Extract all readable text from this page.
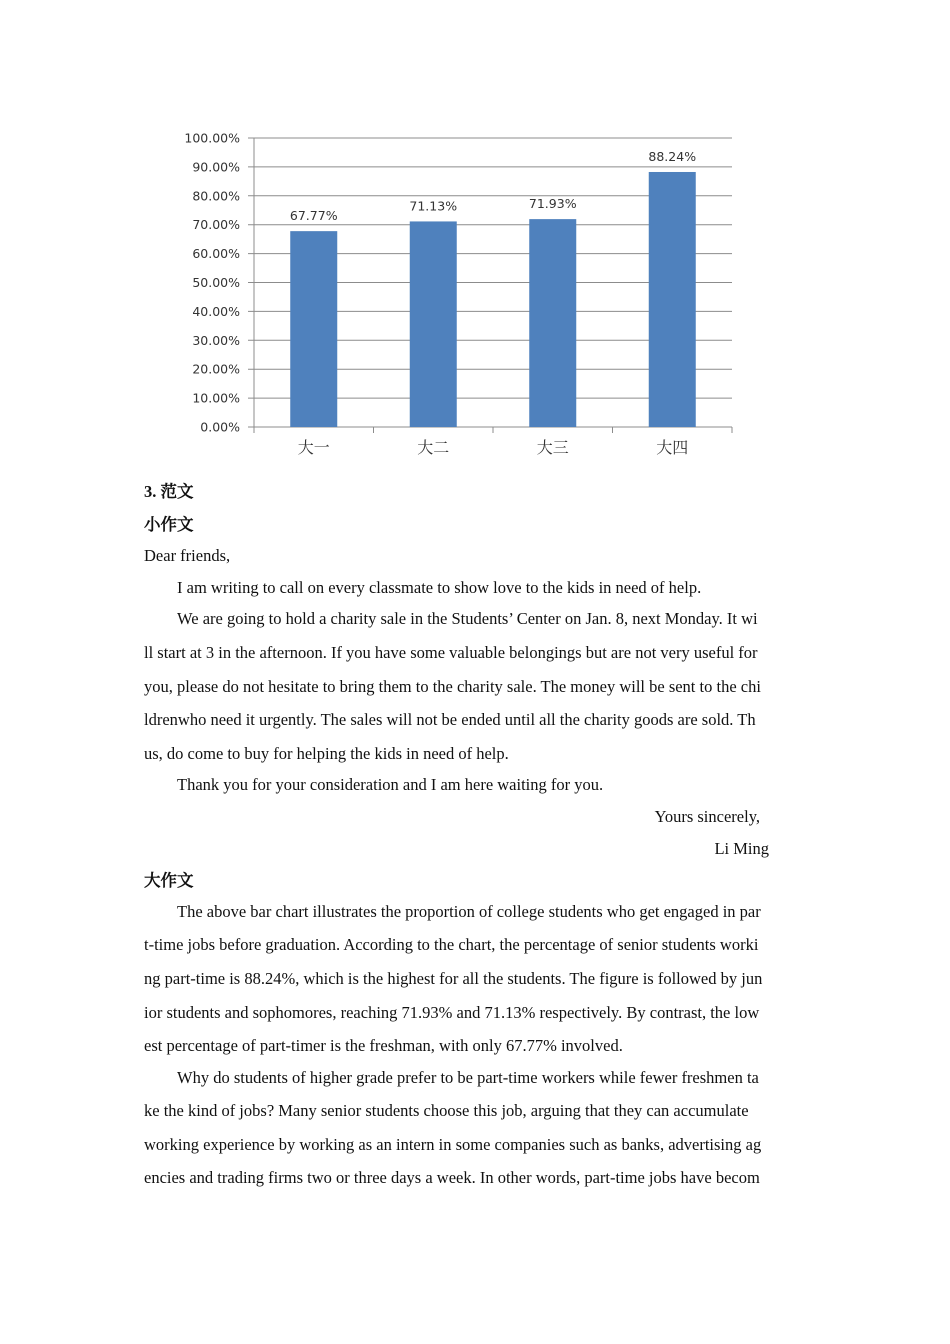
0.00%
10.00%
20.00%
30.00%
40.00%
50.00%
60.00%
70.00%
80.00%
90.00%
100.00%
67.77%
71.13%	71.93%
88.24%
大一	大二	大三	大四
3. 范文
小作文
Dear friends,
I am writing to call on every classmate to show love to the kids in need of help.
We are going to hold a charity sale in the Students’ Center on Jan. 8, next Monday. It wi
ll start at 3 in the afternoon. If you have some valuable belongings but are not very useful for
you, please do not hesitate to bring them to the charity sale. The money will be sent to the chi
ldrenwho need it urgently. The sales will not be ended until all the charity goods are sold. Th
us, do come to buy for helping the kids in need of help.
Thank you for your consideration and I am here waiting for you.
Yours sincerely,
Li Ming
大作文
The above bar chart illustrates the proportion of college students who get engaged in par
t-time jobs before graduation. According to the chart, the percentage of senior students worki
ng part-time is 88.24%, which is the highest for all the students. The figure is followed by jun
ior students and sophomores, reaching 71.93% and 71.13% respectively. By contrast, the low
est percentage of part-timer is the freshman, with only 67.77% involved.
Why do students of higher grade prefer to be part-time workers while fewer freshmen ta
ke the kind of jobs? Many senior students choose this job, arguing that they can accumulate
working experience by working as an intern in some companies such as banks, advertising ag
encies and trading firms two or three days a week. In other words, part-time jobs have becom
